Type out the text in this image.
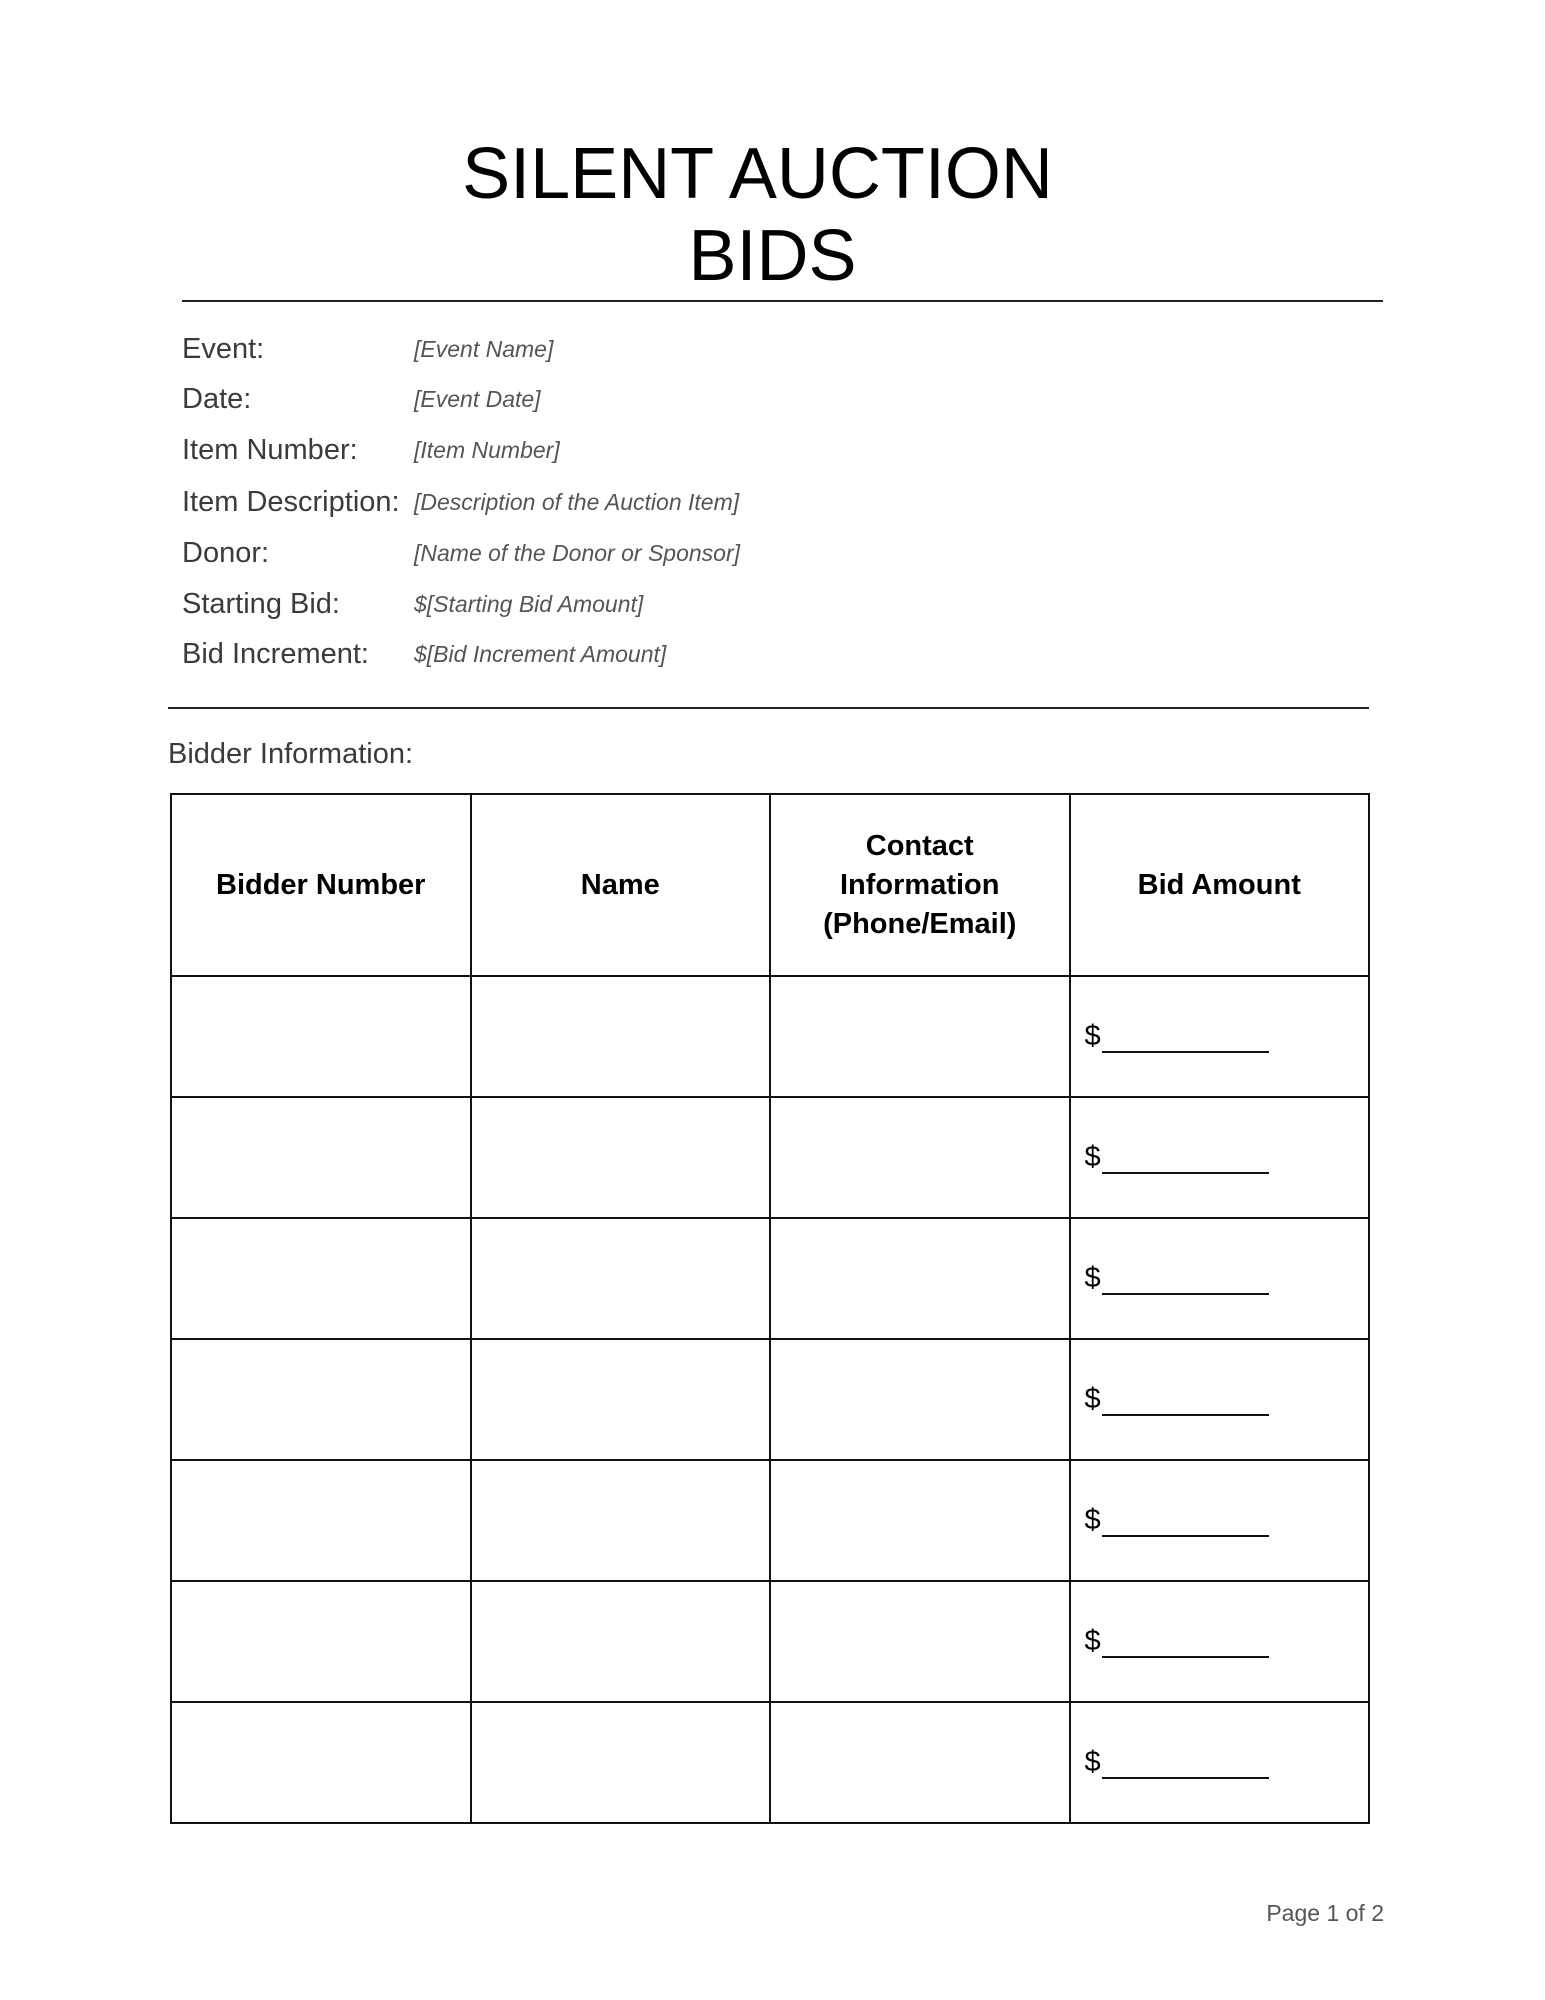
SILENT AUCTION
BIDS
Event:	[Event Name]
Date:	[Event Date]
Item Number:	[Item Number]
Item Description: [Description of the Auction Item]
Donor:	[Name of the Donor or Sponsor]
Starting Bid:	$[Starting Bid Amount]
Bid Increment:	$[Bid Increment Amount]
Bidder Information:
Bidder Number	Name	Contact Information (Phone/Email)	Bid Amount

			$

			$

			$

			$

			$

			$

			$
Page 1 of 2
